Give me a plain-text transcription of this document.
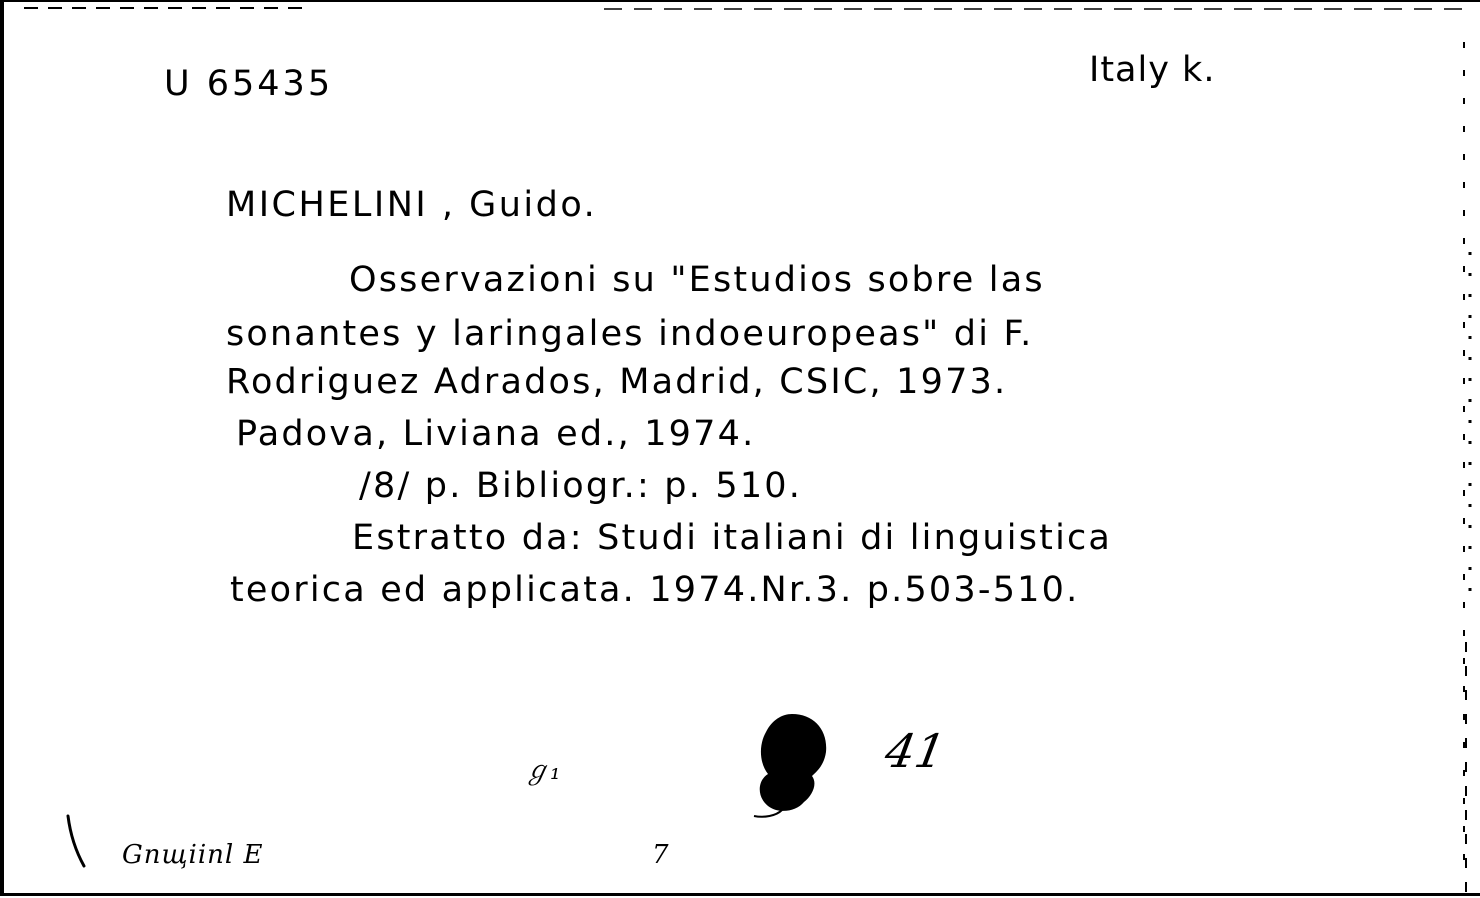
U 65435	Italy k.
MICHELINI , Guido.
Osservazioni su "Estudios sobre las
sonantes y laringales indoeuropeas" di F.
Rodriguez Adrados, Madrid, CSIC, 1973.
Padova, Liviana ed., 1974.
/8/ p. Bibliogr.: p. 510.
Estratto da: Studi italiani di linguistica
teorica ed applicata. 1974.Nr.3. p.503-510.
ℊ₁	41
Gnщiinl E	7
